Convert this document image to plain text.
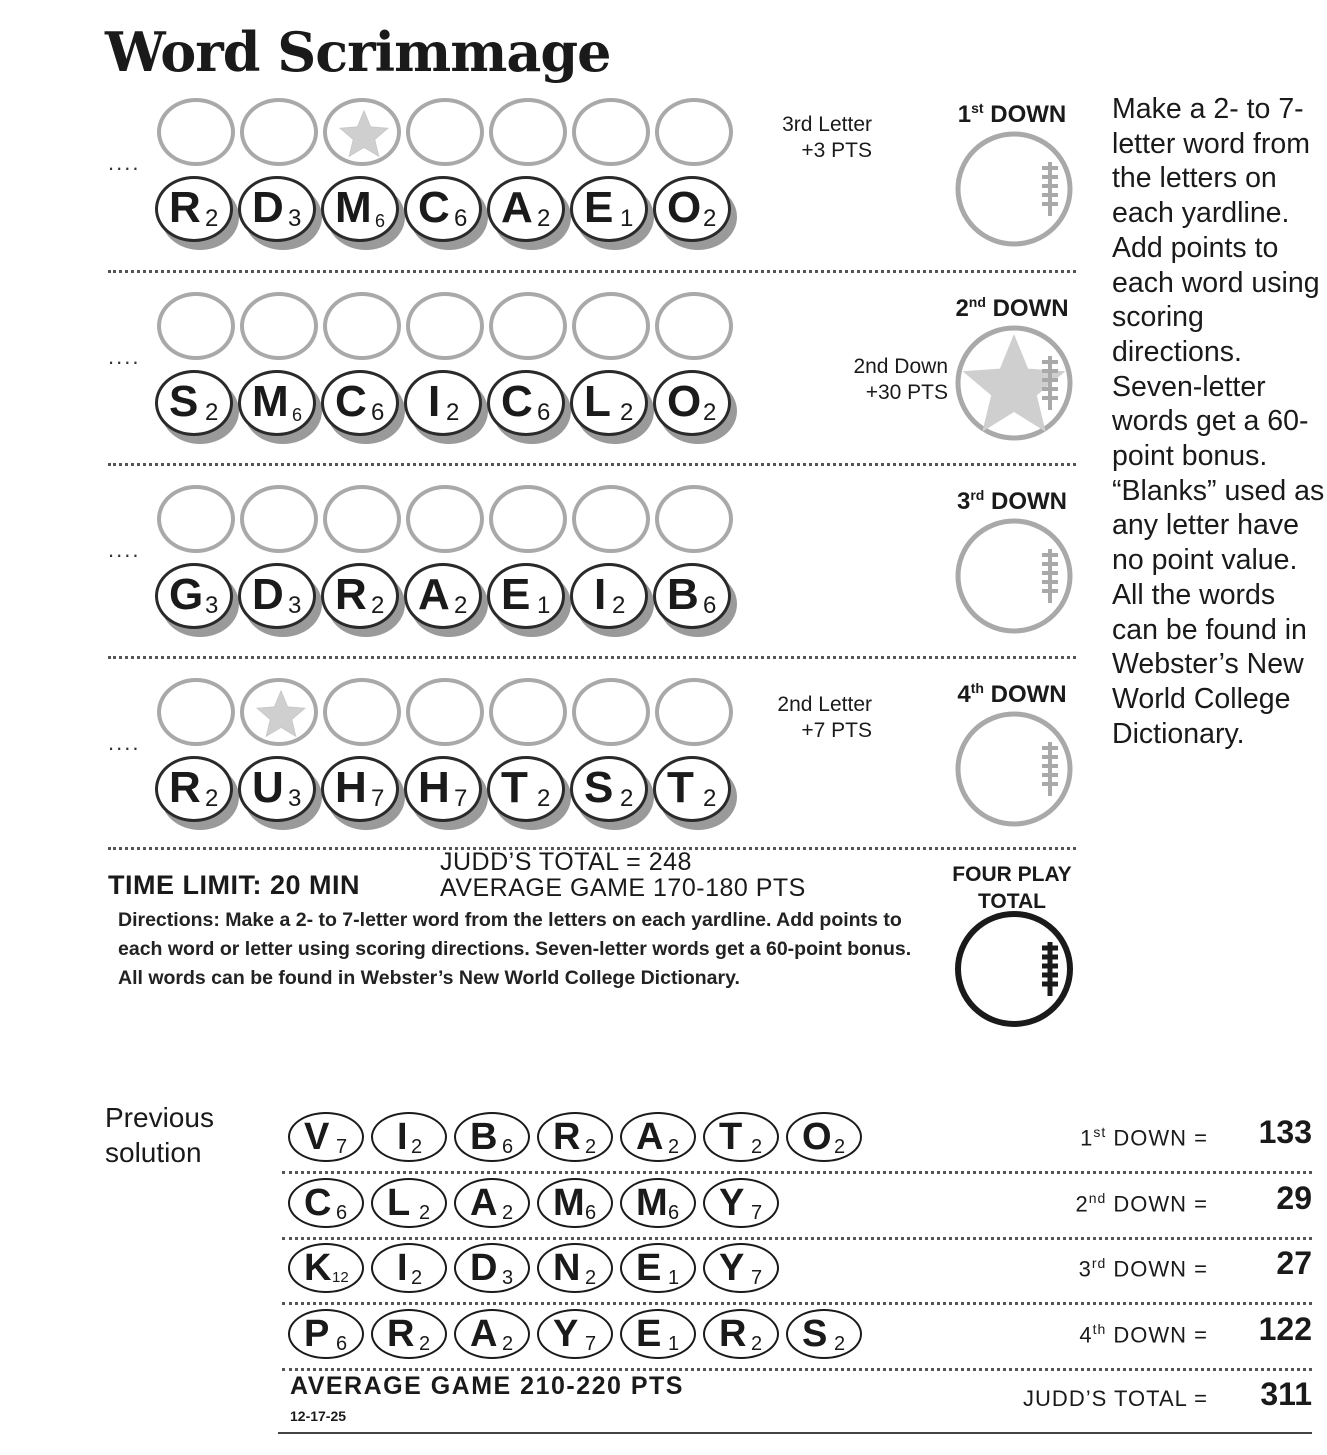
Word Scrimmage
....
R 2 D 3 M 6 C 6 A 2 E 1 O 2
3rd Letter
+3 PTS
1st DOWN
....
S 2 M 6 C 6 I 2 C 6 L 2 O 2
2nd Down
+30 PTS
2nd DOWN
....
G 3 D 3 R 2 A 2 E 1 I 2 B 6
3rd DOWN
....
R 2 U 3 H 7 H 7 T 2 S 2 T 2
2nd Letter
+7 PTS
4th DOWN
TIME LIMIT: 20 MIN
JUDD’S TOTAL = 248
AVERAGE GAME 170-180 PTS
Directions: Make a 2- to 7-letter word from the letters on each yardline. Add points to each word or letter using scoring directions. Seven-letter words get a 60-point bonus. All words can be found in Webster’s New World College Dictionary.
FOUR PLAY
TOTAL
Make a 2- to 7-letter word from the letters on each yardline. Add points to each word using scoring directions. Seven-letter words get a 60-point bonus. “Blanks” used as any letter have no point value. All the words can be found in Webster’s New World College Dictionary.
Previous
solution	V 7 I 2 B 6 R 2 A 2 T 2 O 2	1st DOWN =	133
C 6 L 2 A 2 M 6 M 6 Y 7	2nd DOWN =	29
K 12 I 2 D 3 N 2 E 1 Y 7	3rd DOWN =	27
P 6 R 2 A 2 Y 7 E 1 R 2 S 2	4th DOWN =	122
AVERAGE GAME 210-220 PTS
12-17-25
JUDD’S TOTAL =	311
